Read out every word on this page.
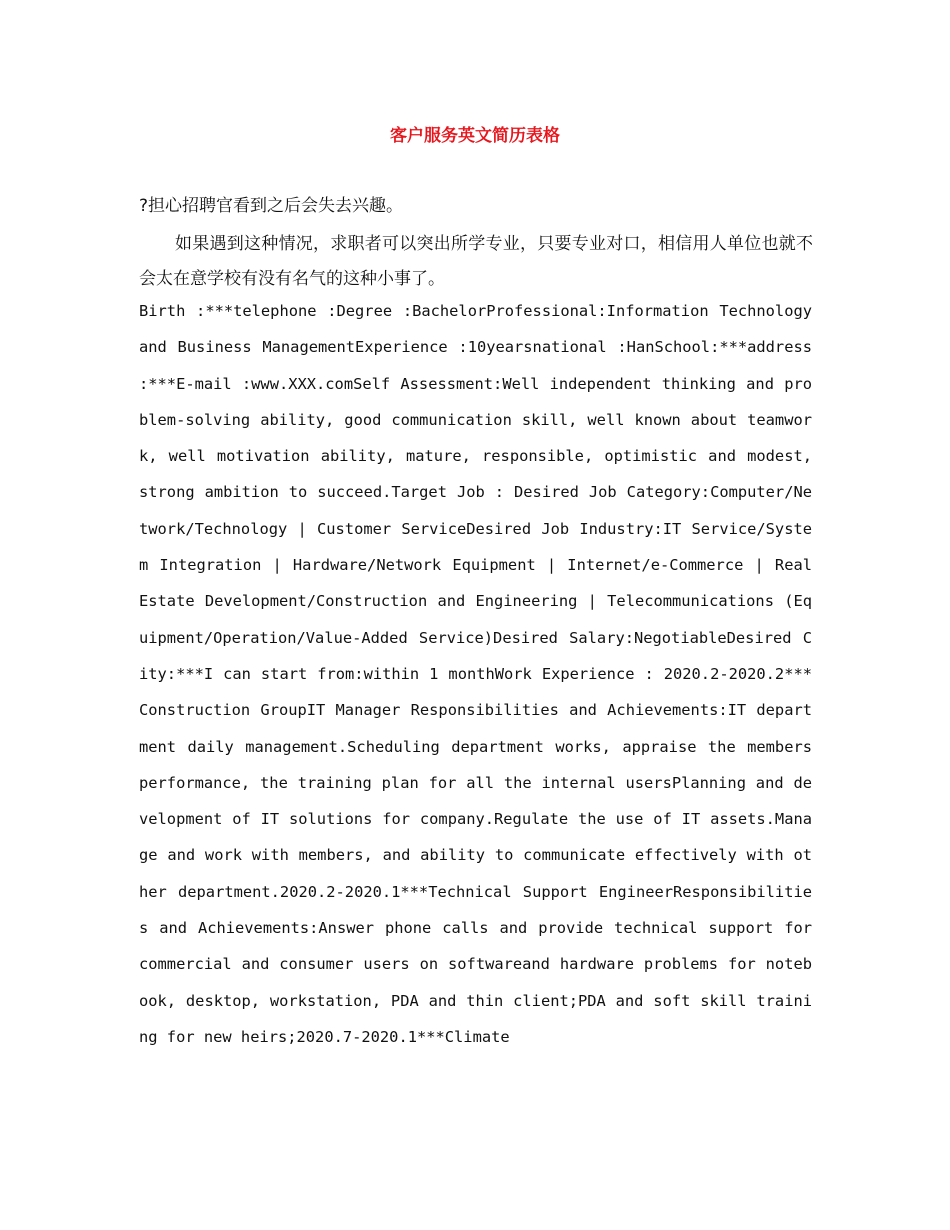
客户服务英文简历表格

?担心招聘官看到之后会失去兴趣。

如果遇到这种情况，求职者可以突出所学专业，只要专业对口，相信用人单位也就不会太在意学校有没有名气的这种小事了。

Birth :***telephone :Degree :BachelorProfessional:Information Technology and Business ManagementExperience :10yearsnational :HanSchool:***address :***E-mail :www.XXX.comSelf Assessment:Well independent thinking and problem-solving ability, good communication skill, well known about teamwork, well motivation ability, mature, responsible, optimistic and modest, strong ambition to succeed.Target Job : Desired Job Category:Computer/Network/Technology | Customer ServiceDesired Job Industry:IT Service/System Integration | Hardware/Network Equipment | Internet/e-Commerce | Real Estate Development/Construction and Engineering | Telecommunications (Equipment/Operation/Value-Added Service)Desired Salary:NegotiableDesired City:***I can start from:within 1 monthWork Experience : 2020.2-2020.2***Construction GroupIT Manager Responsibilities and Achievements:IT department daily management.Scheduling department works, appraise the members performance, the training plan for all the internal usersPlanning and development of IT solutions for company.Regulate the use of IT assets.Manage and work with members, and ability to communicate effectively with other department.2020.2-2020.1***Technical Support EngineerResponsibilities and Achievements:Answer phone calls and provide technical support for commercial and consumer users on softwareand hardware problems for notebook, desktop, workstation, PDA and thin client;PDA and soft skill training for new heirs;2020.7-2020.1***Climate
